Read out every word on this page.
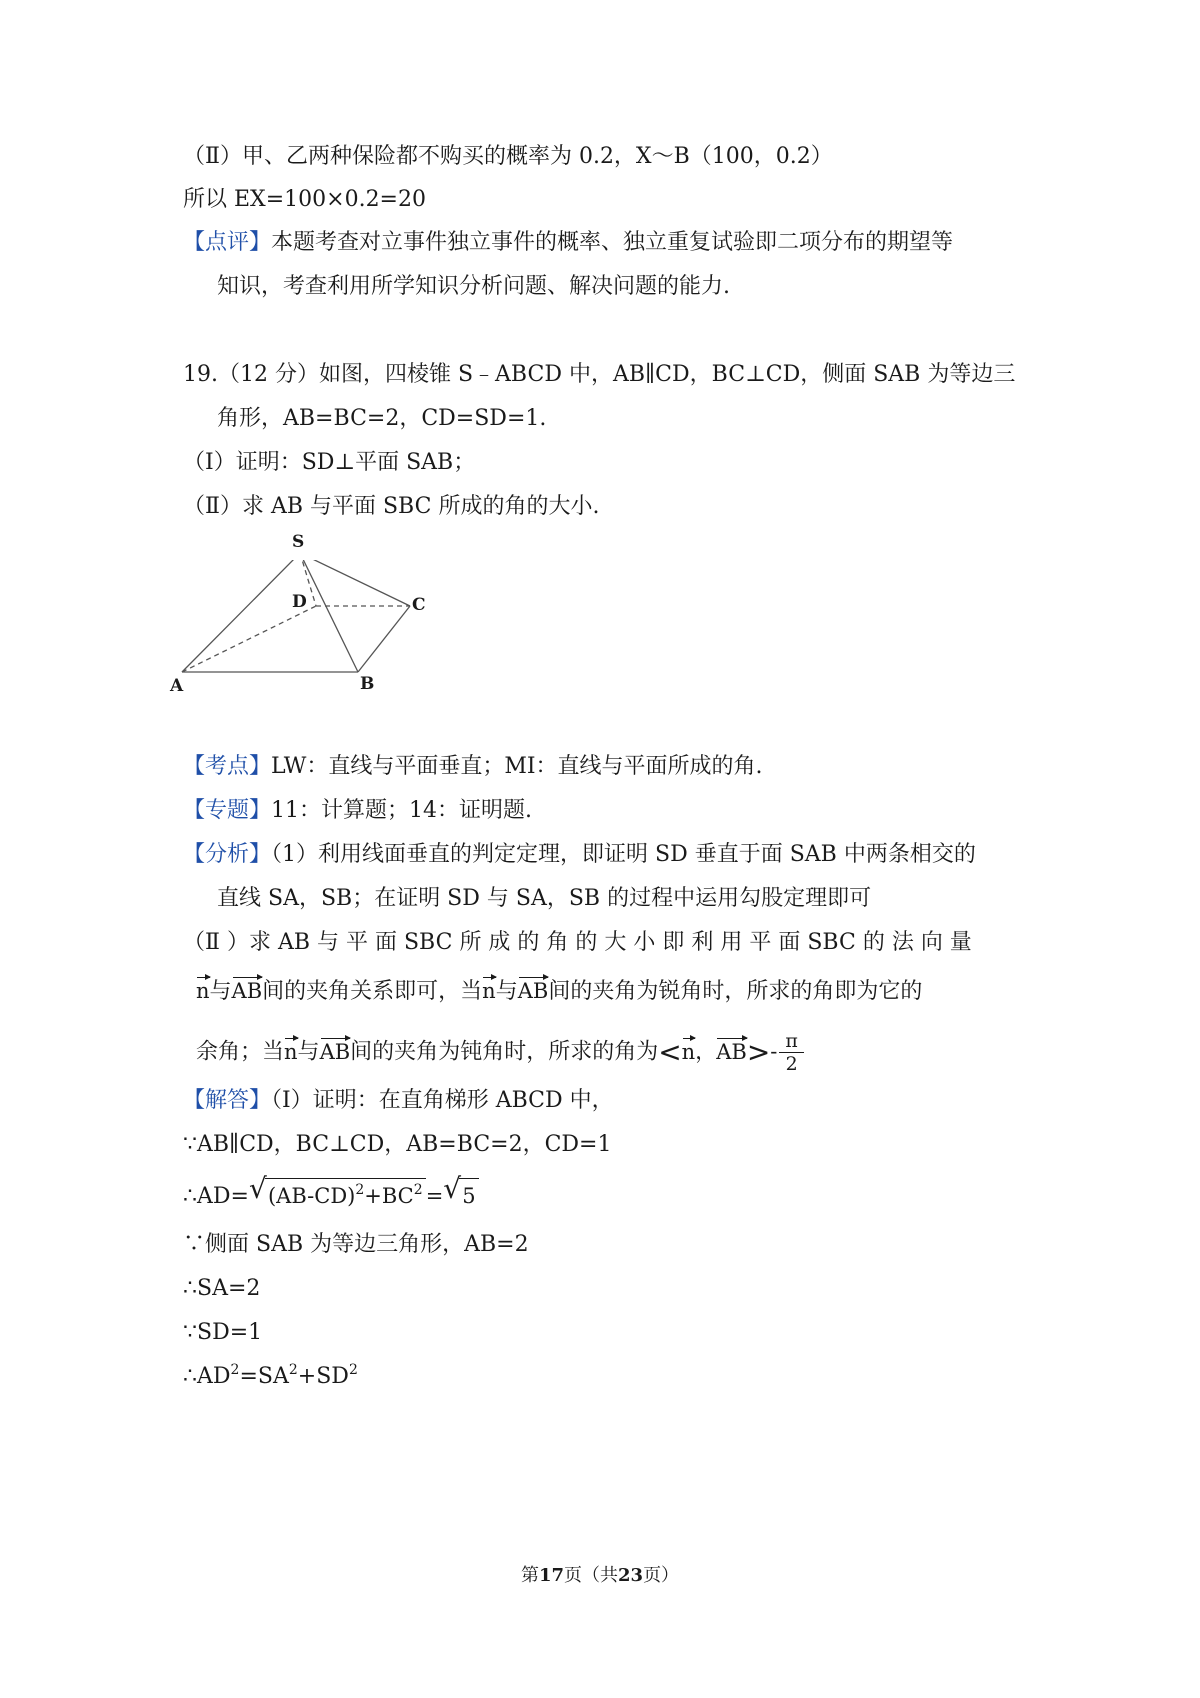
（Ⅱ）甲、乙两种保险都不购买的概率为 0.2，X～B（100，0.2）
所以 EX=100×0.2=20
【点评】本题考查对立事件独立事件的概率、独立重复试验即二项分布的期望等
知识，考查利用所学知识分析问题、解决问题的能力.
19.（12 分）如图，四棱锥 S﹣ABCD 中，AB∥CD，BC⊥CD，侧面 SAB 为等边三
角形，AB=BC=2，CD=SD=1.
（Ⅰ）证明：SD⊥平面 SAB；
（Ⅱ）求 AB 与平面 SBC 所成的角的大小.
S
D	C
A	B
【考点】LW：直线与平面垂直；MI：直线与平面所成的角.
【专题】11：计算题；14：证明题.
【分析】（1）利用线面垂直的判定定理，即证明 SD 垂直于面 SAB 中两条相交的
直线 SA，SB；在证明 SD 与 SA，SB 的过程中运用勾股定理即可
（Ⅱ ）求 AB 与 平 面 SBC 所 成 的 角 的 大 小 即 利 用 平 面 SBC 的 法 向 量
n与AB间的夹角关系即可，当n与AB间的夹角为锐角时，所求的角即为它的
余角；当n与AB间的夹角为钝角时，所求的角为<n，$AB>- \frac{\pi}{2}$
【解答】（Ⅰ）证明：在直角梯形 ABCD 中，
∵AB∥CD，BC⊥CD，AB=BC=2，CD=1
∴AD= √ $(AB-CD)^2+BC^2$ = √ 5
∵侧面 SAB 为等边三角形，AB=2
∴SA=2
∵SD=1
$\therefore AD^2=SA^2+SD^2$
第17页（共23页）
